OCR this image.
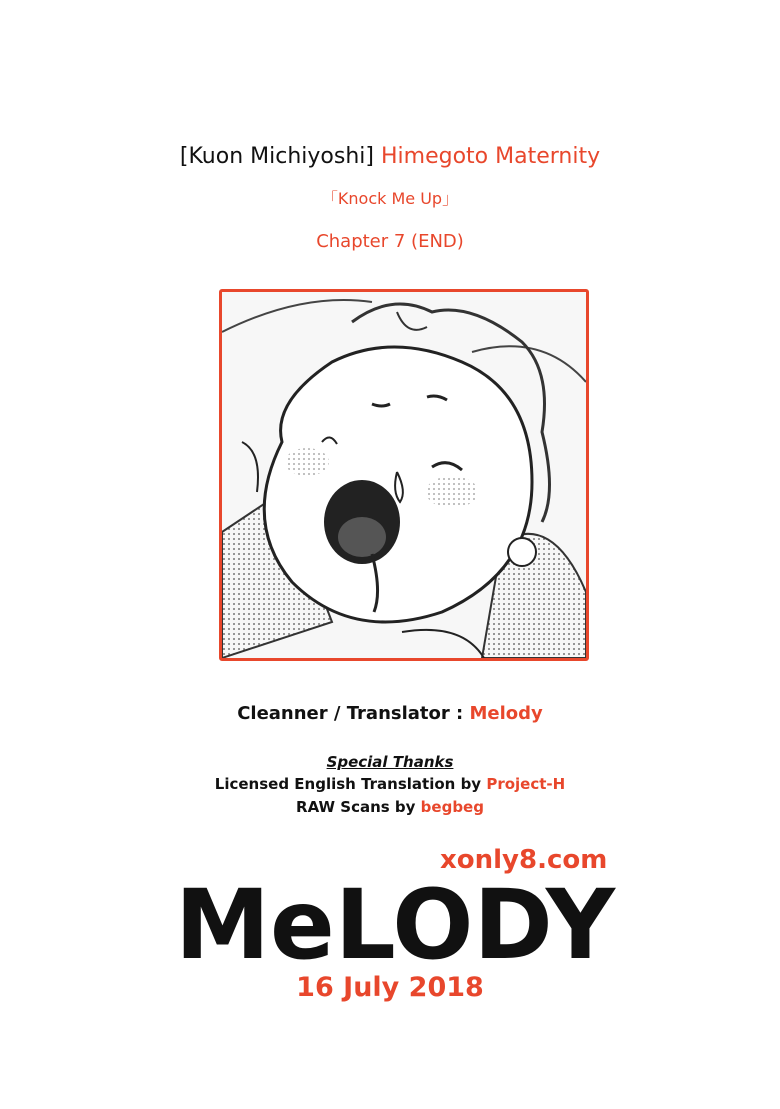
[Kuon Michiyoshi] Himegoto Maternity
「Knock Me Up」
Chapter 7 (END)
Cleanner / Translator : Melody
Special Thanks
Licensed English Translation by Project-H
RAW Scans by begbeg
xonly8.com
MeLODY
16 July 2018
